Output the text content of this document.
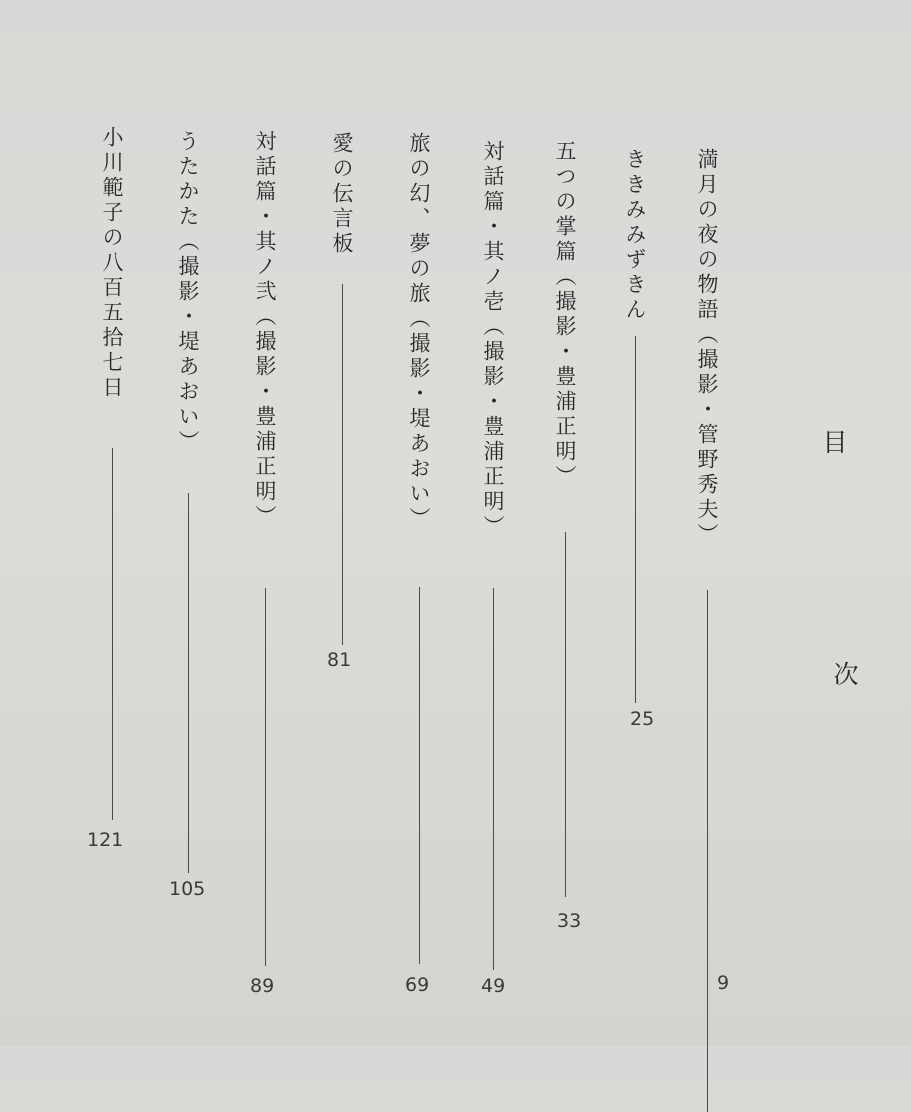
目
次
満月の夜の物語（撮影・管野秀夫）
9
ききみみずきん
25
五つの掌篇（撮影・豊浦正明）
33
対話篇・其ノ壱（撮影・豊浦正明）
49
旅の幻、夢の旅（撮影・堤あおい）
69
愛の伝言板
81
対話篇・其ノ弐（撮影・豊浦正明）
89
うたかた（撮影・堤あおい）
105
小川範子の八百五拾七日
121
